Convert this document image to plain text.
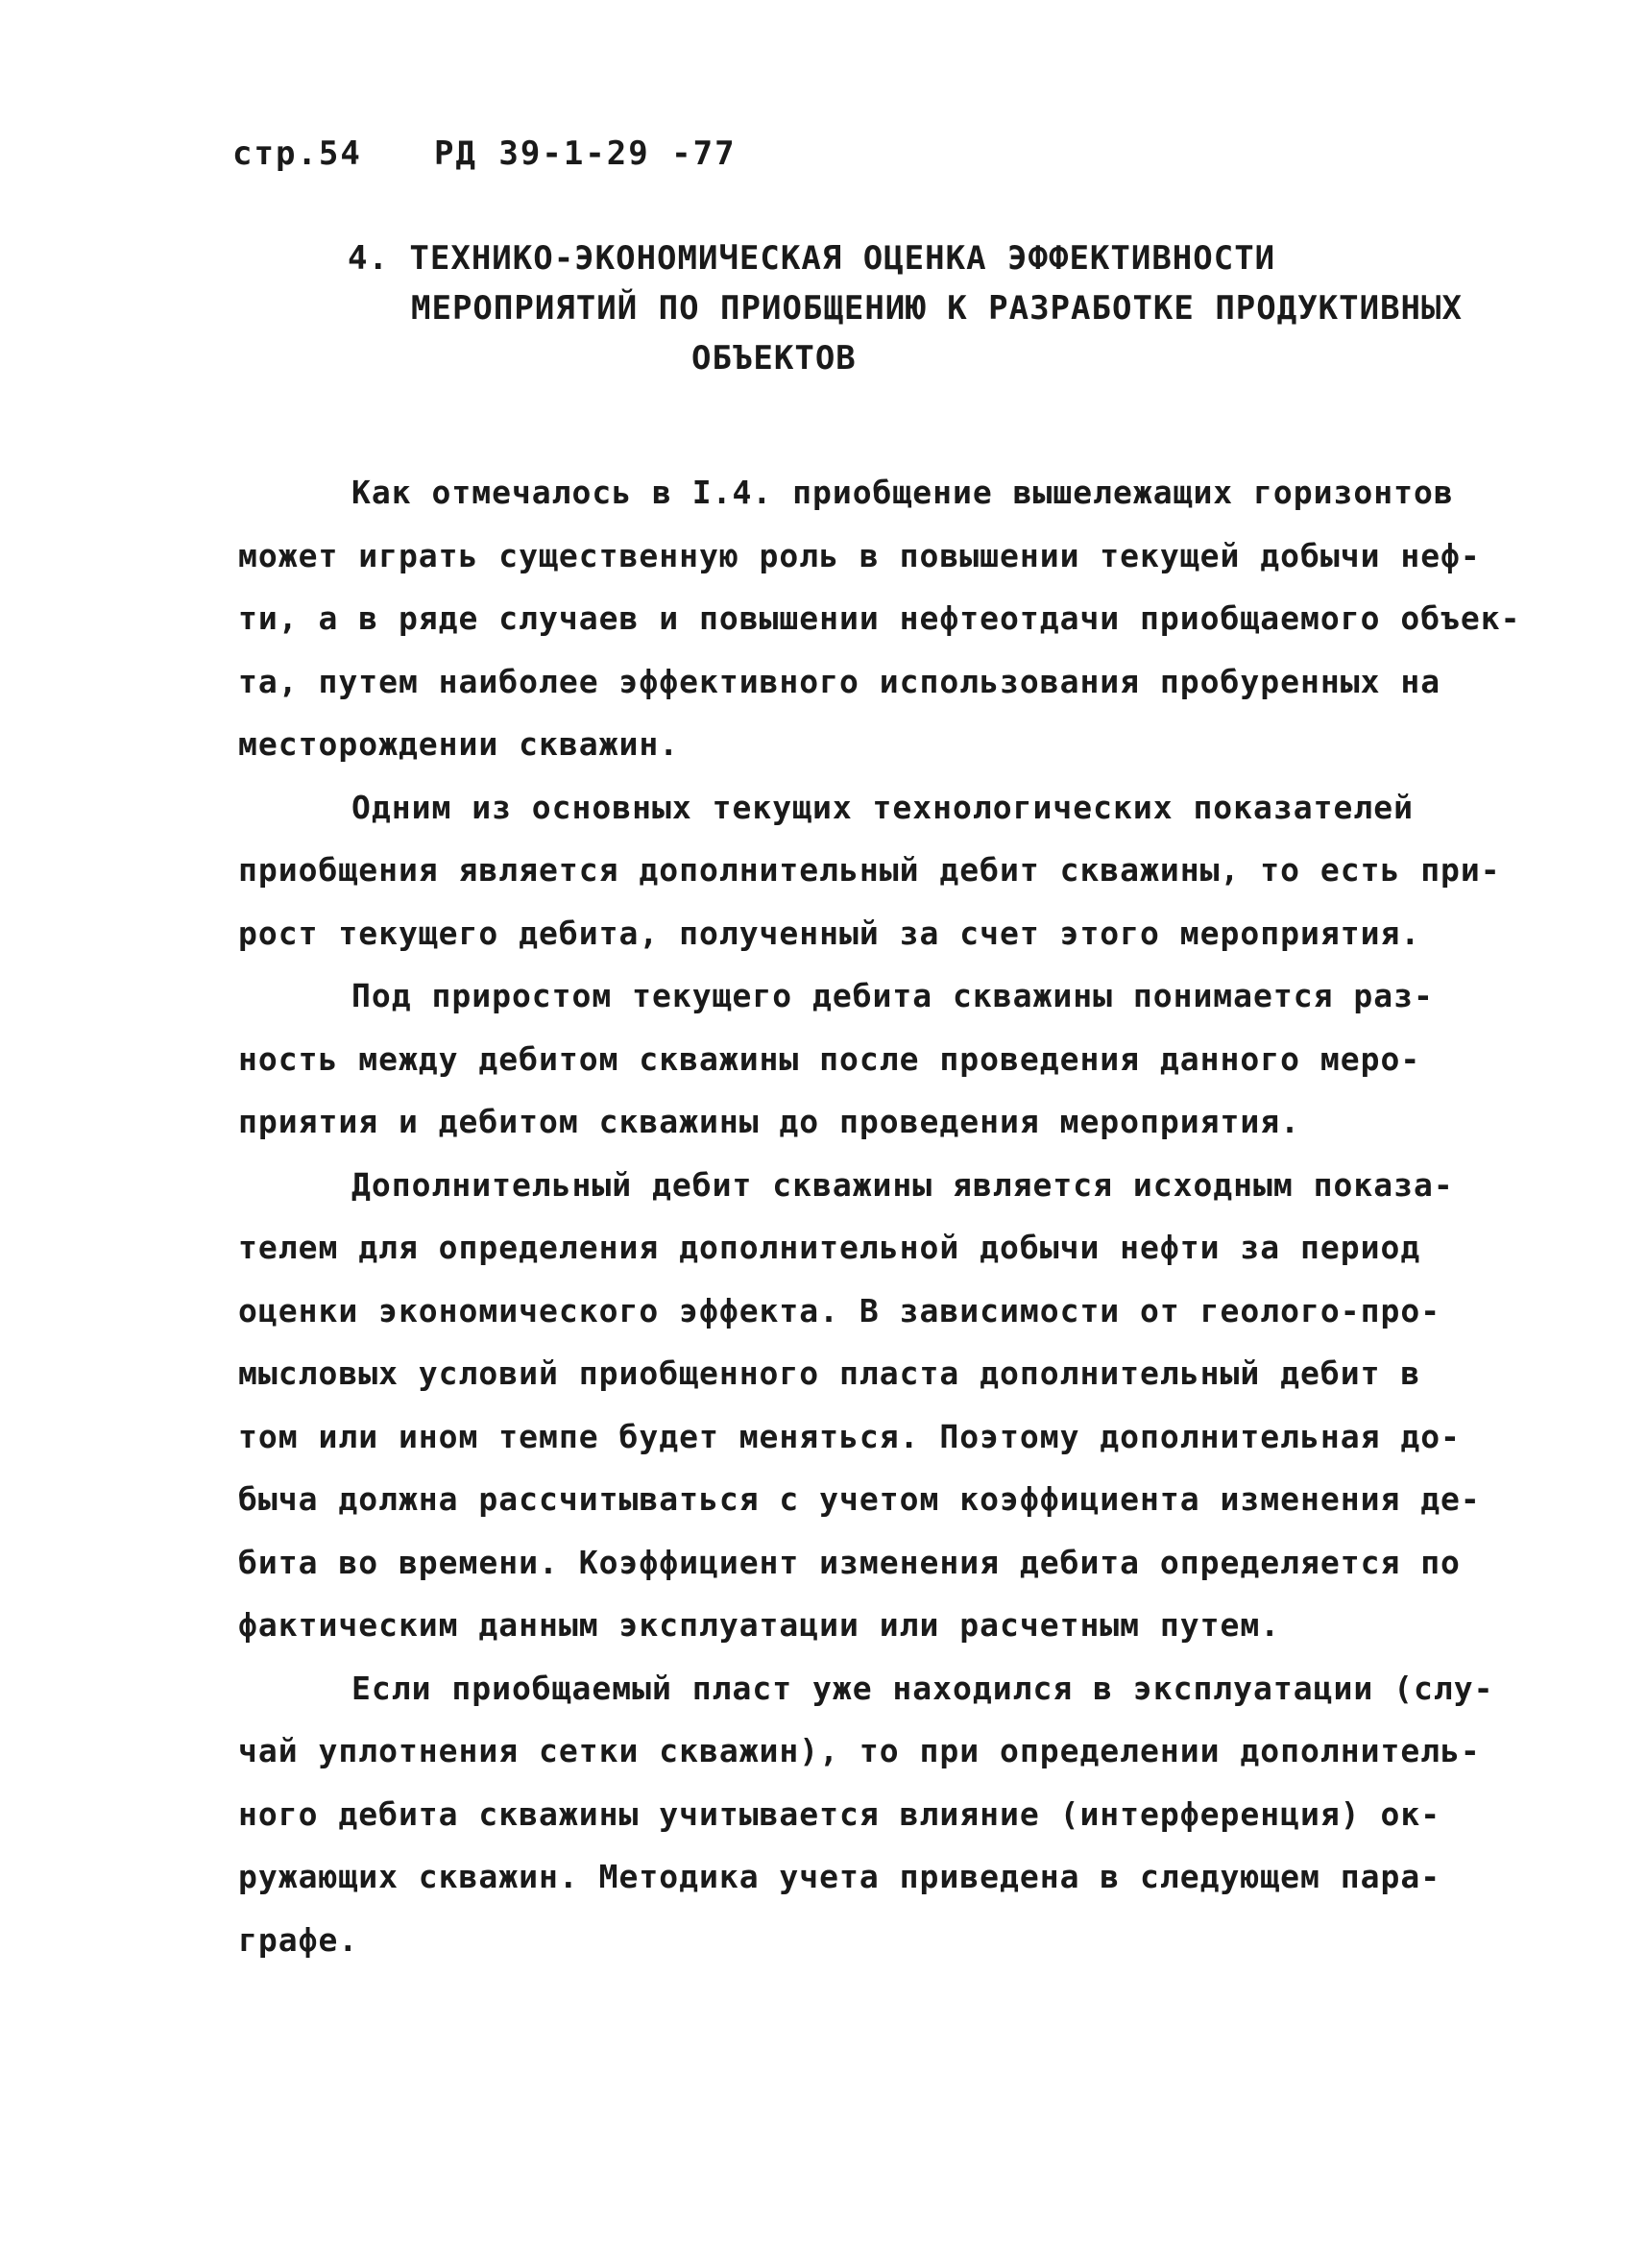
стр.54 РД 39-1-29 -77
4. ТЕХНИКО-ЭКОНОМИЧЕСКАЯ ОЦЕНКА ЭФФЕКТИВНОСТИ
МЕРОПРИЯТИЙ ПО ПРИОБЩЕНИЮ К РАЗРАБОТКЕ ПРОДУКТИВНЫХ
ОБЪЕКТОВ
Как отмечалось в I.4. приобщение вышележащих горизонтов
может играть существенную роль в повышении текущей добычи неф-
ти, а в ряде случаев и повышении нефтеотдачи приобщаемого объек-
та, путем наиболее эффективного использования пробуренных на
месторождении скважин.
Одним из основных текущих технологических показателей
приобщения является дополнительный дебит скважины, то есть при-
рост текущего дебита, полученный за счет этого мероприятия.
Под приростом текущего дебита скважины понимается раз-
ность между дебитом скважины после проведения данного меро-
приятия и дебитом скважины до проведения мероприятия.
Дополнительный дебит скважины является исходным показа-
телем для определения дополнительной добычи нефти за период
оценки экономического эффекта. В зависимости от геолого-про-
мысловых условий приобщенного пласта дополнительный дебит в
том или ином темпе будет меняться. Поэтому дополнительная до-
быча должна рассчитываться с учетом коэффициента изменения де-
бита во времени. Коэффициент изменения дебита определяется по
фактическим данным эксплуатации или расчетным путем.
Если приобщаемый пласт уже находился в эксплуатации (слу-
чай уплотнения сетки скважин), то при определении дополнитель-
ного дебита скважины учитывается влияние (интерференция) ок-
ружающих скважин. Методика учета приведена в следующем пара-
графе.
